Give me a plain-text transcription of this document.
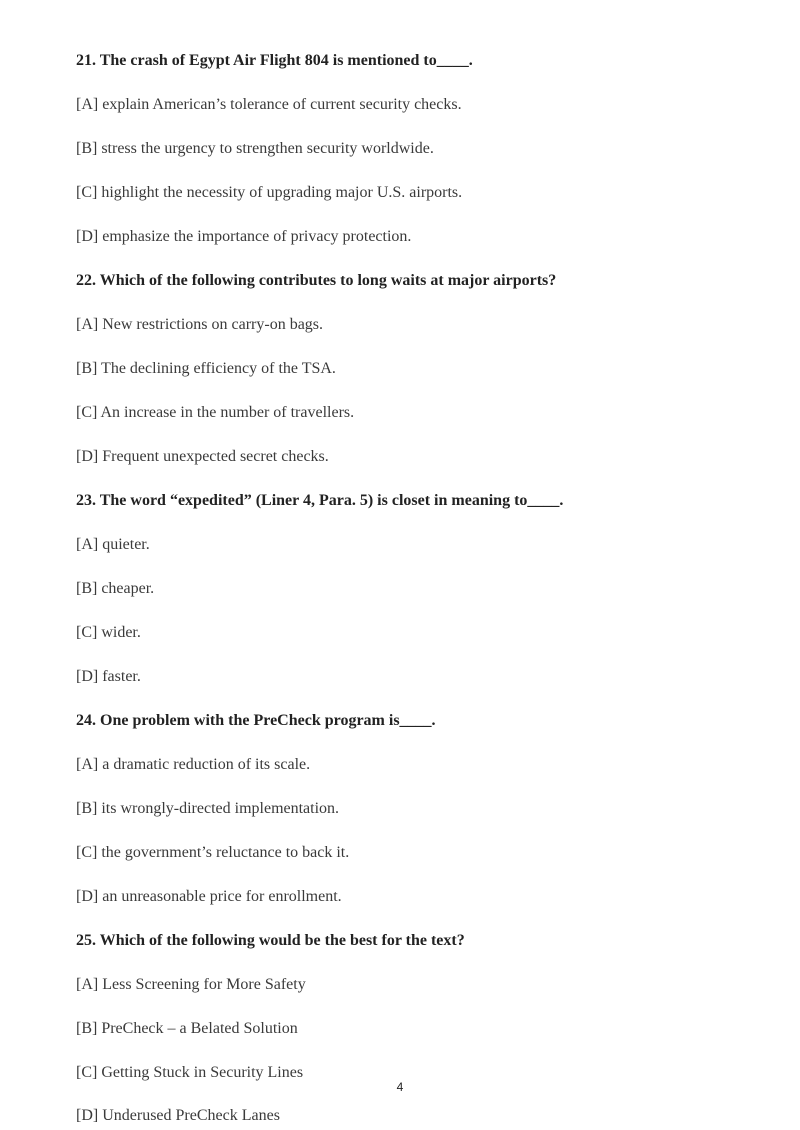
21. The crash of Egypt Air Flight 804 is mentioned to____.
[A] explain American’s tolerance of current security checks.
[B] stress the urgency to strengthen security worldwide.
[C] highlight the necessity of upgrading major U.S. airports.
[D] emphasize the importance of privacy protection.
22. Which of the following contributes to long waits at major airports?
[A] New restrictions on carry-on bags.
[B] The declining efficiency of the TSA.
[C] An increase in the number of travellers.
[D] Frequent unexpected secret checks.
23. The word “expedited” (Liner 4, Para. 5) is closet in meaning to____.
[A] quieter.
[B] cheaper.
[C] wider.
[D] faster.
24. One problem with the PreCheck program is____.
[A] a dramatic reduction of its scale.
[B] its wrongly-directed implementation.
[C] the government’s reluctance to back it.
[D] an unreasonable price for enrollment.
25. Which of the following would be the best for the text?
[A] Less Screening for More Safety
[B] PreCheck – a Belated Solution
[C] Getting Stuck in Security Lines
[D] Underused PreCheck Lanes
4
